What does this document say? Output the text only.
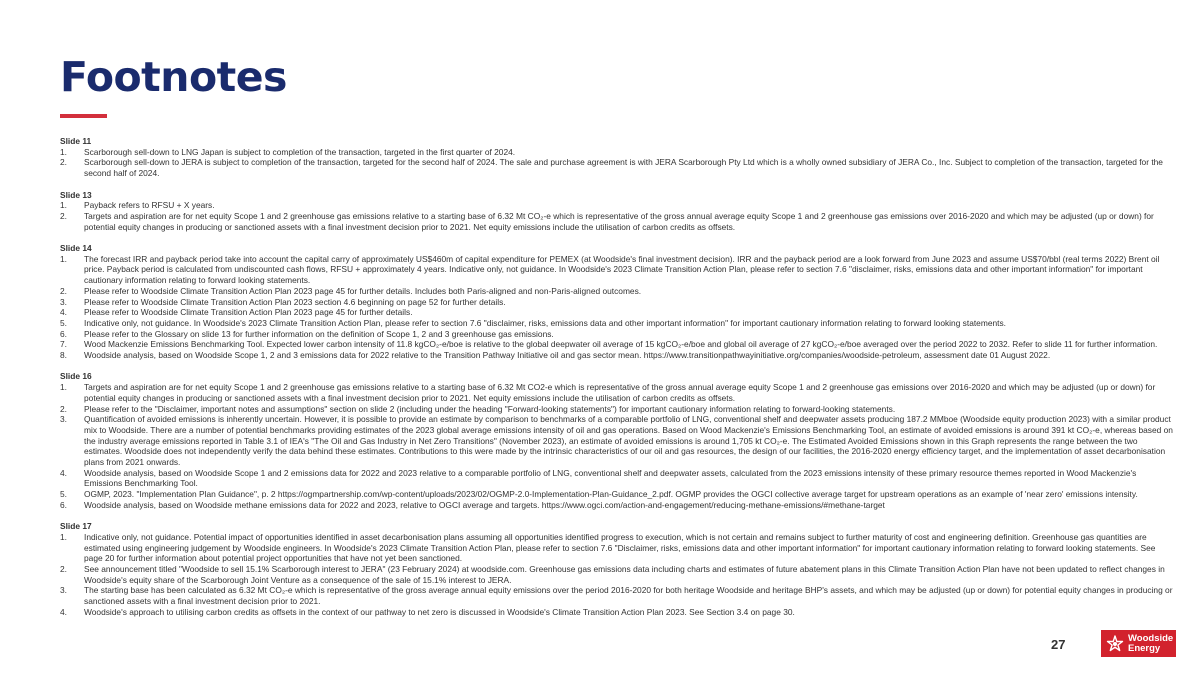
Footnotes
Slide 11
1. Scarborough sell-down to LNG Japan is subject to completion of the transaction, targeted in the first quarter of 2024.
2. Scarborough sell-down to JERA is subject to completion of the transaction, targeted for the second half of 2024. The sale and purchase agreement is with JERA Scarborough Pty Ltd which is a wholly owned subsidiary of JERA Co., Inc. Subject to completion of the transaction, targeted for the second half of 2024.
Slide 13
1. Payback refers to RFSU + X years.
2. Targets and aspiration are for net equity Scope 1 and 2 greenhouse gas emissions relative to a starting base of 6.32 Mt CO₂-e which is representative of the gross annual average equity Scope 1 and 2 greenhouse gas emissions over 2016-2020 and which may be adjusted (up or down) for potential equity changes in producing or sanctioned assets with a final investment decision prior to 2021. Net equity emissions include the utilisation of carbon credits as offsets.
Slide 14
1. The forecast IRR and payback period take into account the capital carry of approximately US$460m of capital expenditure for PEMEX (at Woodside's final investment decision). IRR and the payback period are a look forward from June 2023 and assume US$70/bbl (real terms 2022) Brent oil price. Payback period is calculated from undiscounted cash flows, RFSU + approximately 4 years. Indicative only, not guidance. In Woodside's 2023 Climate Transition Action Plan, please refer to section 7.6 "disclaimer, risks, emissions data and other important information" for important cautionary information relating to forward looking statements.
2. Please refer to Woodside Climate Transition Action Plan 2023 page 45 for further details. Includes both Paris-aligned and non-Paris-aligned outcomes.
3. Please refer to Woodside Climate Transition Action Plan 2023 section 4.6 beginning on page 52 for further details.
4. Please refer to Woodside Climate Transition Action Plan 2023 page 45 for further details.
5. Indicative only, not guidance. In Woodside's 2023 Climate Transition Action Plan, please refer to section 7.6 "disclaimer, risks, emissions data and other important information" for important cautionary information relating to forward looking statements.
6. Please refer to the Glossary on slide 13 for further information on the definition of Scope 1, 2 and 3 greenhouse gas emissions.
7. Wood Mackenzie Emissions Benchmarking Tool. Expected lower carbon intensity of 11.8 kgCO₂-e/boe is relative to the global deepwater oil average of 15 kgCO₂-e/boe and global oil average of 27 kgCO₂-e/boe averaged over the period 2022 to 2032. Refer to slide 11 for further information.
8. Woodside analysis, based on Woodside Scope 1, 2 and 3 emissions data for 2022 relative to the Transition Pathway Initiative oil and gas sector mean. https://www.transitionpathwayinitiative.org/companies/woodside-petroleum, assessment date 01 August 2022.
Slide 16
1. Targets and aspiration are for net equity Scope 1 and 2 greenhouse gas emissions relative to a starting base of 6.32 Mt CO2-e which is representative of the gross annual average equity Scope 1 and 2 greenhouse gas emissions over 2016-2020 and which may be adjusted (up or down) for potential equity changes in producing or sanctioned assets with a final investment decision prior to 2021. Net equity emissions include the utilisation of carbon credits as offsets.
2. Please refer to the "Disclaimer, important notes and assumptions" section on slide 2 (including under the heading "Forward-looking statements") for important cautionary information relating to forward-looking statements.
3. Quantification of avoided emissions is inherently uncertain. However, it is possible to provide an estimate by comparison to benchmarks of a comparable portfolio of LNG, conventional shelf and deepwater assets producing 187.2 MMboe (Woodside equity production 2023) with a similar product mix to Woodside. There are a number of potential benchmarks providing estimates of the 2023 global average emissions intensity of oil and gas operations. Based on Wood Mackenzie's Emissions Benchmarking Tool, an estimate of avoided emissions is around 391 kt CO₂-e, whereas based on the industry average emissions reported in Table 3.1 of IEA's "The Oil and Gas Industry in Net Zero Transitions" (November 2023), an estimate of avoided emissions is around 1,705 kt CO₂-e. The Estimated Avoided Emissions shown in this Graph represents the range between the two estimates. Woodside does not independently verify the data behind these estimates. Contributions to this were made by the intrinsic characteristics of our oil and gas resources, the design of our facilities, the 2016-2020 energy efficiency target, and the implementation of asset decarbonisation plans from 2021 onwards.
4. Woodside analysis, based on Woodside Scope 1 and 2 emissions data for 2022 and 2023 relative to a comparable portfolio of LNG, conventional shelf and deepwater assets, calculated from the 2023 emissions intensity of these primary resource themes reported in Wood Mackenzie's Emissions Benchmarking Tool.
5. OGMP, 2023. "Implementation Plan Guidance", p. 2 https://ogmpartnership.com/wp-content/uploads/2023/02/OGMP-2.0-Implementation-Plan-Guidance_2.pdf. OGMP provides the OGCI collective average target for upstream operations as an example of 'near zero' emissions intensity.
6. Woodside analysis, based on Woodside methane emissions data for 2022 and 2023, relative to OGCI average and targets. https://www.ogci.com/action-and-engagement/reducing-methane-emissions/#methane-target
Slide 17
1. Indicative only, not guidance. Potential impact of opportunities identified in asset decarbonisation plans assuming all opportunities identified progress to execution, which is not certain and remains subject to further maturity of cost and engineering definition. Greenhouse gas quantities are estimated using engineering judgement by Woodside engineers. In Woodside's 2023 Climate Transition Action Plan, please refer to section 7.6 "Disclaimer, risks, emissions data and other important information" for important cautionary information relating to forward looking statements. See page 20 for further information about potential project opportunities that have not yet been sanctioned.
2. See announcement titled "Woodside to sell 15.1% Scarborough interest to JERA" (23 February 2024) at woodside.com. Greenhouse gas emissions data including charts and estimates of future abatement plans in this Climate Transition Action Plan have not been updated to reflect changes in Woodside's equity share of the Scarborough Joint Venture as a consequence of the sale of 15.1% interest to JERA.
3. The starting base has been calculated as 6.32 Mt CO₂-e which is representative of the gross average annual equity emissions over the period 2016-2020 for both heritage Woodside and heritage BHP's assets, and which may be adjusted (up or down) for potential equity changes in producing or sanctioned assets with a final investment decision prior to 2021.
4. Woodside's approach to utilising carbon credits as offsets in the context of our pathway to net zero is discussed in Woodside's Climate Transition Action Plan 2023. See Section 3.4 on page 30.
27	Woodside
Energy
